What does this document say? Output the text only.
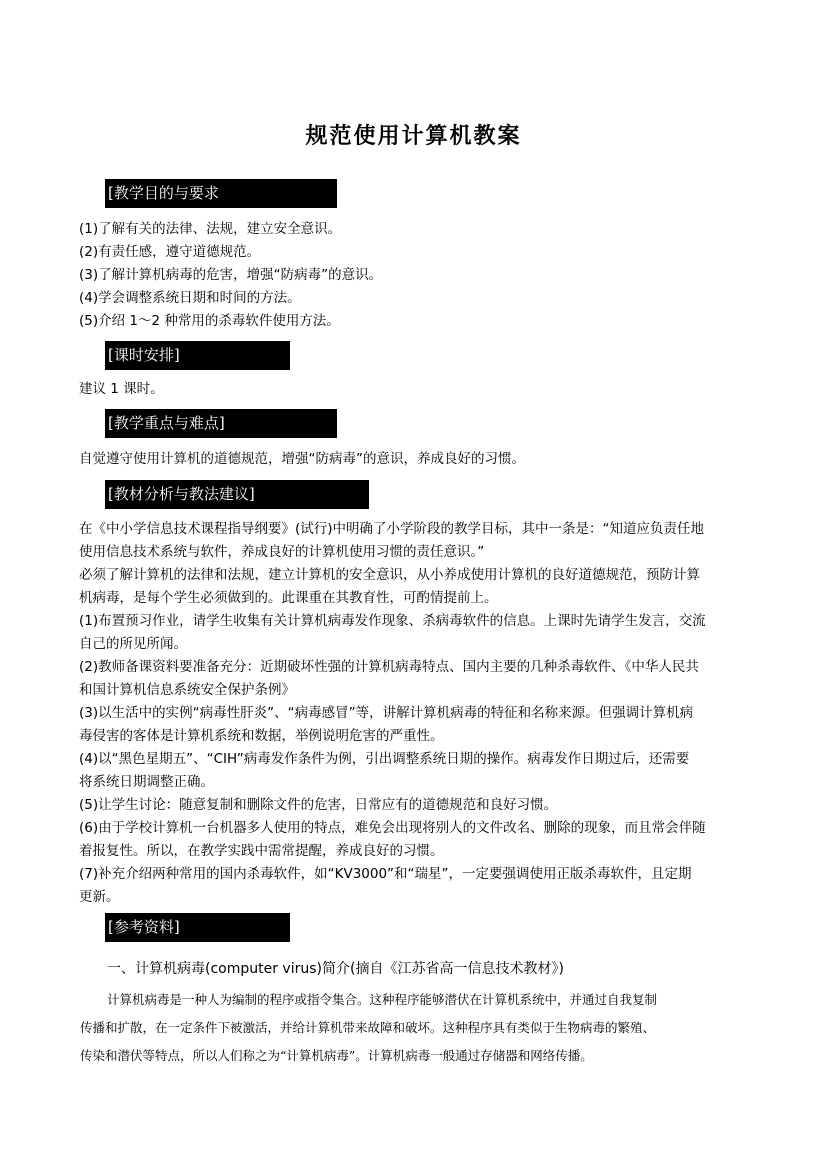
规范使用计算机教案
[教学目的与要求
(1)了解有关的法律、法规，建立安全意识。
(2)有责任感，遵守道德规范。
(3)了解计算机病毒的危害，增强“防病毒”的意识。
(4)学会调整系统日期和时间的方法。
(5)介绍 1～2 种常用的杀毒软件使用方法。
[课时安排]
建议 1 课时。
[教学重点与难点]
自觉遵守使用计算机的道德规范，增强“防病毒”的意识，养成良好的习惯。
[教材分析与教法建议]
在《中小学信息技术课程指导纲要》(试行)中明确了小学阶段的教学目标，其中一条是：“知道应负责任地
使用信息技术系统与软件，养成良好的计算机使用习惯的责任意识。”
必须了解计算机的法律和法规，建立计算机的安全意识，从小养成使用计算机的良好道德规范，预防计算
机病毒，是每个学生必须做到的。此课重在其教育性，可酌情提前上。
(1)布置预习作业，请学生收集有关计算机病毒发作现象、杀病毒软件的信息。上课时先请学生发言，交流
自己的所见所闻。
(2)教师备课资料要准备充分：近期破坏性强的计算机病毒特点、国内主要的几种杀毒软件、《中华人民共
和国计算机信息系统安全保护条例》
(3)以生活中的实例“病毒性肝炎”、“病毒感冒”等，讲解计算机病毒的特征和名称来源。但强调计算机病
毒侵害的客体是计算机系统和数据，举例说明危害的严重性。
(4)以“黑色星期五”、“CIH”病毒发作条件为例，引出调整系统日期的操作。病毒发作日期过后，还需要
将系统日期调整正确。
(5)让学生讨论：随意复制和删除文件的危害，日常应有的道德规范和良好习惯。
(6)由于学校计算机一台机器多人使用的特点，难免会出现将别人的文件改名、删除的现象，而且常会伴随
着报复性。所以，在教学实践中需常提醒，养成良好的习惯。
(7)补充介绍两种常用的国内杀毒软件，如“KV3000”和“瑞星”，一定要强调使用正版杀毒软件，且定期
更新。
[参考资料]
一、计算机病毒(computer virus)简介(摘自《江苏省高一信息技术教材》)
计算机病毒是一种人为编制的程序或指令集合。这种程序能够潜伏在计算机系统中，并通过自我复制
传播和扩散，在一定条件下被激活，并给计算机带来故障和破坏。这种程序具有类似于生物病毒的繁殖、
传染和潜伏等特点，所以人们称之为“计算机病毒”。计算机病毒一般通过存储器和网络传播。
